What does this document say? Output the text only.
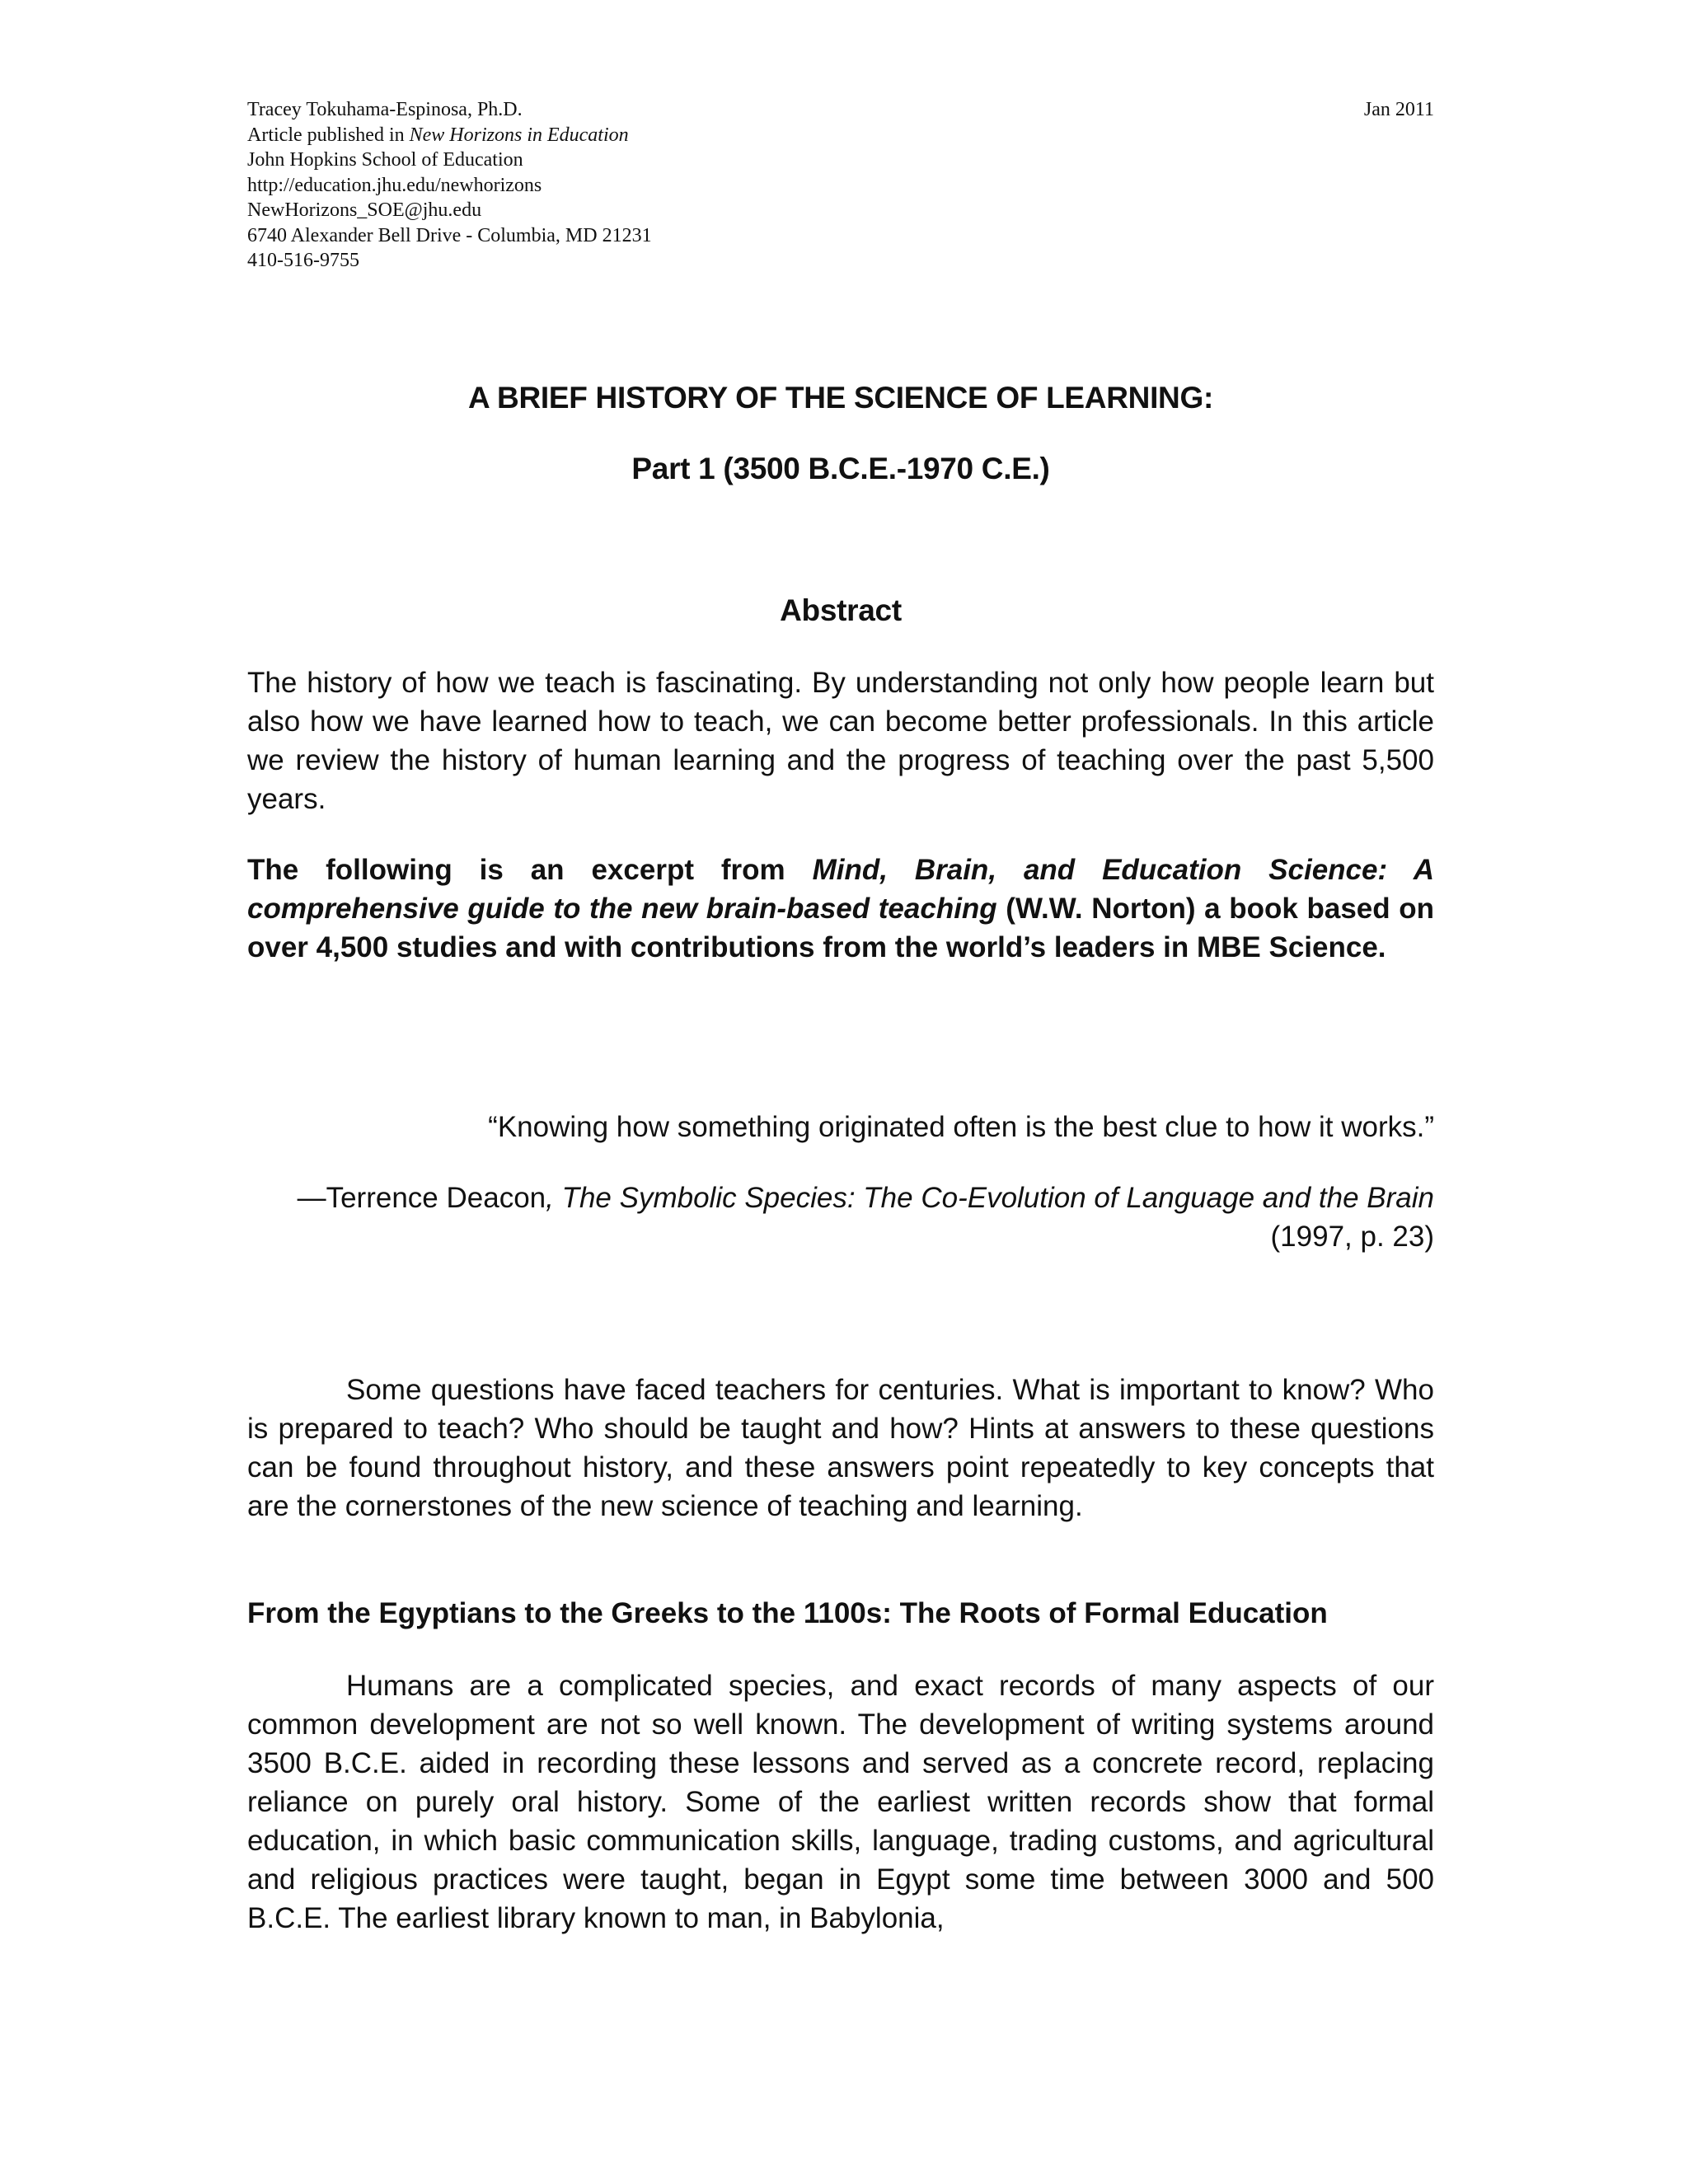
Tracey Tokuhama-Espinosa, Ph.D.
Article published in New Horizons in Education
John Hopkins School of Education
http://education.jhu.edu/newhorizons
NewHorizons_SOE@jhu.edu
6740 Alexander Bell Drive - Columbia, MD 21231
410-516-9755
Jan 2011
A BRIEF HISTORY OF THE SCIENCE OF LEARNING:
Part 1 (3500 B.C.E.-1970 C.E.)
Abstract
The history of how we teach is fascinating. By understanding not only how people learn but also how we have learned how to teach, we can become better professionals. In this article we review the history of human learning and the progress of teaching over the past 5,500 years.
The following is an excerpt from Mind, Brain, and Education Science: A comprehensive guide to the new brain-based teaching (W.W. Norton) a book based on over 4,500 studies and with contributions from the world’s leaders in MBE Science.
“Knowing how something originated often is the best clue to how it works.”
—Terrence Deacon, The Symbolic Species: The Co-Evolution of Language and the Brain (1997, p. 23)
Some questions have faced teachers for centuries. What is important to know? Who is prepared to teach? Who should be taught and how? Hints at answers to these questions can be found throughout history, and these answers point repeatedly to key concepts that are the cornerstones of the new science of teaching and learning.
From the Egyptians to the Greeks to the 1100s: The Roots of Formal Education
Humans are a complicated species, and exact records of many aspects of our common development are not so well known. The development of writing systems around 3500 B.C.E. aided in recording these lessons and served as a concrete record, replacing reliance on purely oral history. Some of the earliest written records show that formal education, in which basic communication skills, language, trading customs, and agricultural and religious practices were taught, began in Egypt some time between 3000 and 500 B.C.E. The earliest library known to man, in Babylonia,
